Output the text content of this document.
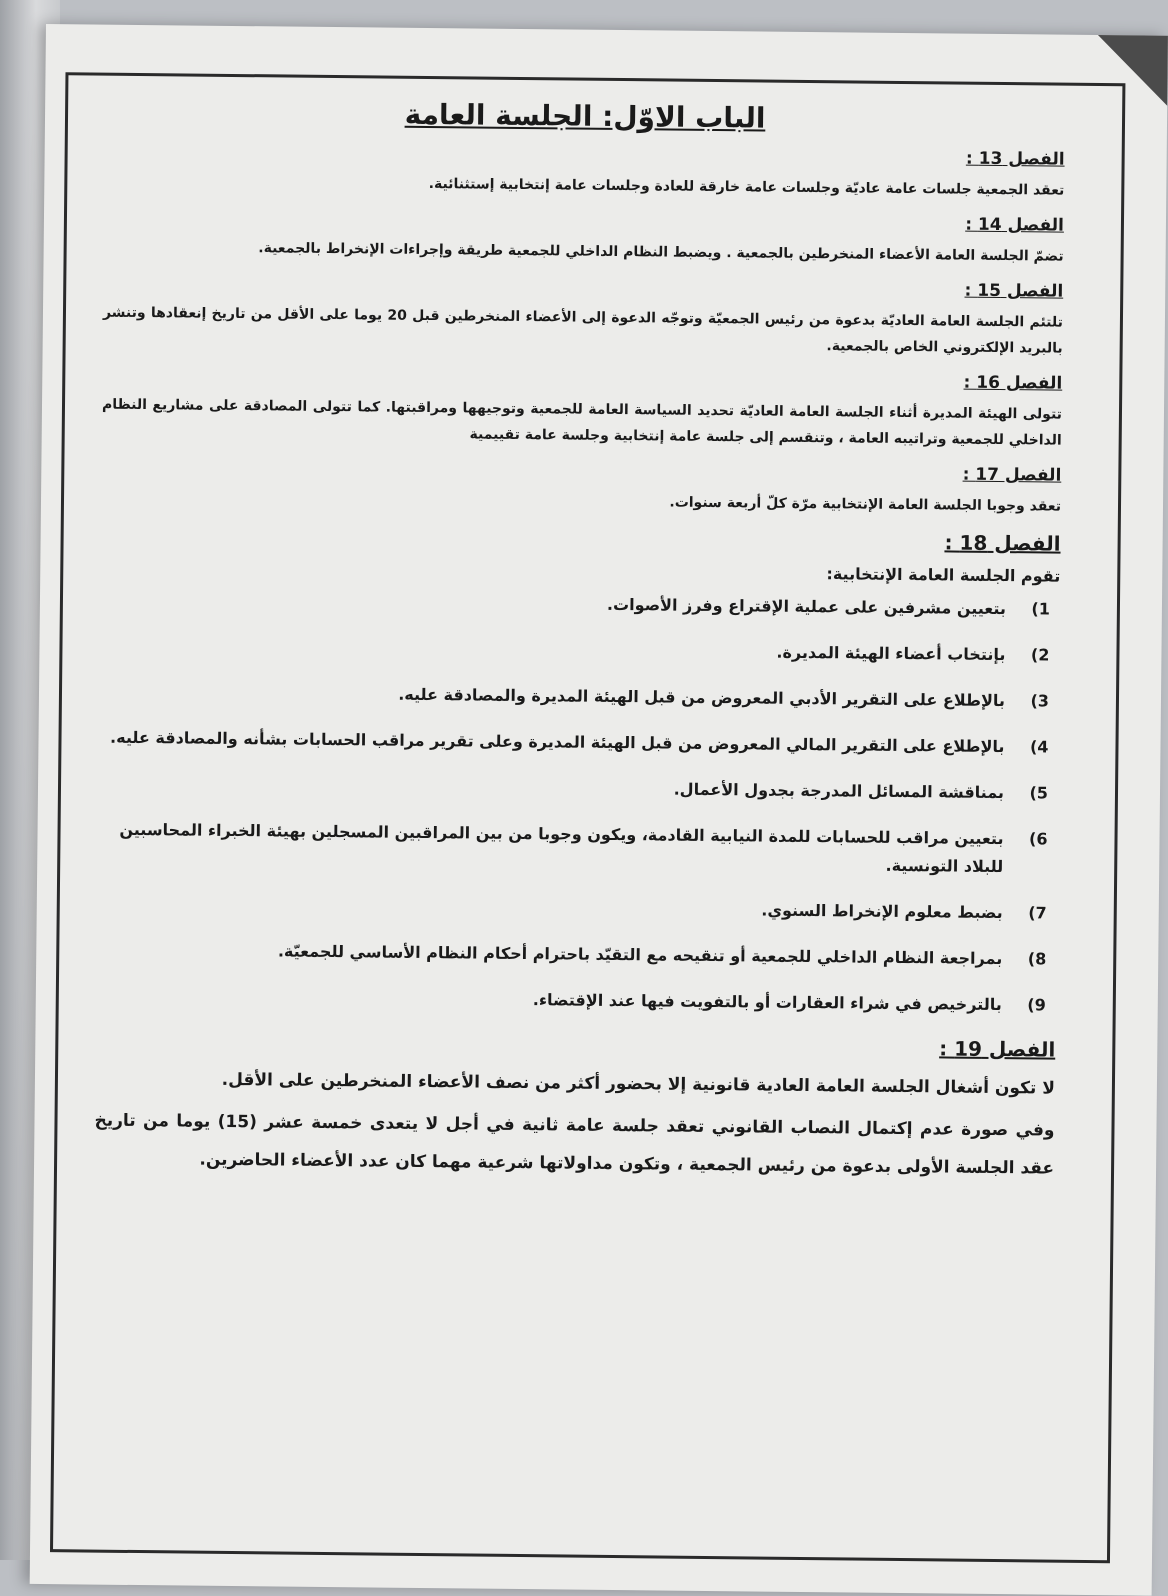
الباب الاوّل: الجلسة العامة
الفصل 13 :

تعقد الجمعية جلسات عامة عاديّة وجلسات عامة خارقة للعادة وجلسات عامة إنتخابية إستثنائية.

الفصل 14 :

تضمّ الجلسة العامة الأعضاء المنخرطين بالجمعية . ويضبط النظام الداخلي للجمعية طريقة وإجراءات الإنخراط بالجمعية.

الفصل 15 :

تلتئم الجلسة العامة العاديّة بدعوة من رئيس الجمعيّة وتوجّه الدعوة إلى الأعضاء المنخرطين قبل 20 يوما على الأقل من تاريخ إنعقادها وتنشر بالبريد الإلكتروني الخاص بالجمعية.

الفصل 16 :

تتولى الهيئة المديرة أثناء الجلسة العامة العاديّة تحديد السياسة العامة للجمعية وتوجيهها ومراقبتها. كما تتولى المصادقة على مشاريع النظام الداخلي للجمعية وتراتيبه العامة ، وتنقسم إلى جلسة عامة إنتخابية وجلسة عامة تقييمية

الفصل 17 :

تعقد وجوبا الجلسة العامة الإنتخابية مرّة كلّ أربعة سنوات.

الفصل 18 :

تقوم الجلسة العامة الإنتخابية:

1)
بتعيين مشرفين على عملية الإقتراع وفرز الأصوات.
2)
بإنتخاب أعضاء الهيئة المديرة.
3)
بالإطلاع على التقرير الأدبي المعروض من قبل الهيئة المديرة والمصادقة عليه.
4)
بالإطلاع على التقرير المالي المعروض من قبل الهيئة المديرة وعلى تقرير مراقب الحسابات بشأنه والمصادقة عليه.
5)
بمناقشة المسائل المدرجة بجدول الأعمال.
6)
بتعيين مراقب للحسابات للمدة النيابية القادمة، ويكون وجوبا من بين المراقبين المسجلين بهيئة الخبراء المحاسبين للبلاد التونسية.
7)
بضبط معلوم الإنخراط السنوي.
8)
بمراجعة النظام الداخلي للجمعية أو تنقيحه مع التقيّد باحترام أحكام النظام الأساسي للجمعيّة.
9)
بالترخيص في شراء العقارات أو بالتفويت فيها عند الإقتضاء.
الفصل 19 :

لا تكون أشغال الجلسة العامة العادية قانونية إلا بحضور أكثر من نصف الأعضاء المنخرطين على الأقل.

وفي صورة عدم إكتمال النصاب القانوني تعقد جلسة عامة ثانية في أجل لا يتعدى خمسة عشر (15) يوما من تاريخ عقد الجلسة الأولى بدعوة من رئيس الجمعية ، وتكون مداولاتها شرعية مهما كان عدد الأعضاء الحاضرين.
